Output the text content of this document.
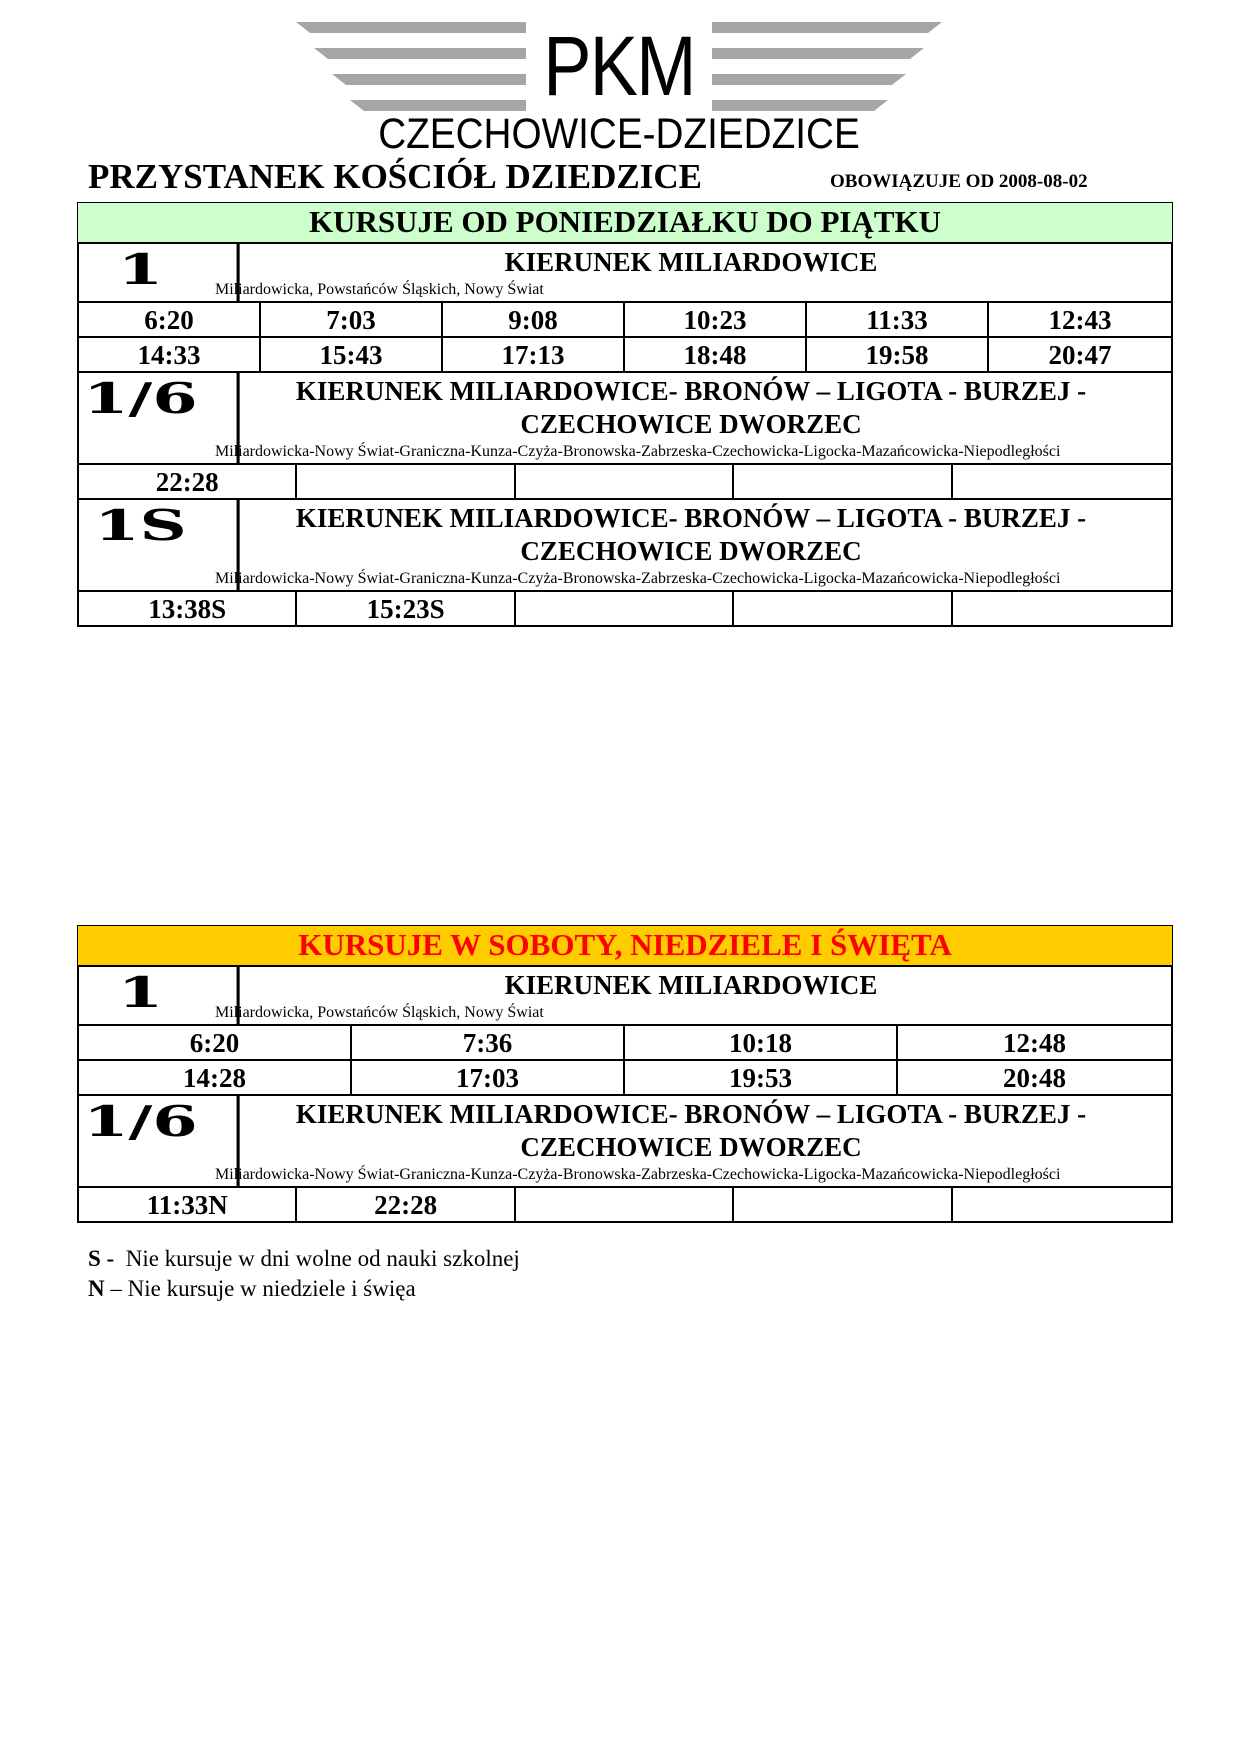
PKM
CZECHOWICE-DZIEDZICE
PRZYSTANEK KOŚCIÓŁ DZIEDZICE	OBOWIĄZUJE OD 2008-08-02
KURSUJE OD PONIEDZIAŁKU DO PIĄTKU
1	KIERUNEK MILIARDOWICE
Miliardowicka, Powstańców Śląskich, Nowy Świat
6:20	7:03	9:08	10:23	11:33	12:43
14:33	15:43	17:13	18:48	19:58	20:47
1/6	KIERUNEK MILIARDOWICE- BRONÓW – LIGOTA - BURZEJ - CZECHOWICE DWORZEC
Miliardowicka-Nowy Świat-Graniczna-Kunza-Czyża-Bronowska-Zabrzeska-Czechowicka-Ligocka-Mazańcowicka-Niepodległości
22:28
1S	KIERUNEK MILIARDOWICE- BRONÓW – LIGOTA - BURZEJ - CZECHOWICE DWORZEC
Miliardowicka-Nowy Świat-Graniczna-Kunza-Czyża-Bronowska-Zabrzeska-Czechowicka-Ligocka-Mazańcowicka-Niepodległości
13:38S	15:23S
KURSUJE W SOBOTY, NIEDZIELE I ŚWIĘTA
1	KIERUNEK MILIARDOWICE
Miliardowicka, Powstańców Śląskich, Nowy Świat
6:20	7:36	10:18	12:48
14:28	17:03	19:53	20:48
1/6	KIERUNEK MILIARDOWICE- BRONÓW – LIGOTA - BURZEJ - CZECHOWICE DWORZEC
Miliardowicka-Nowy Świat-Graniczna-Kunza-Czyża-Bronowska-Zabrzeska-Czechowicka-Ligocka-Mazańcowicka-Niepodległości
11:33N	22:28
S -  Nie kursuje w dni wolne od nauki szkolnej
N – Nie kursuje w niedziele i święa
